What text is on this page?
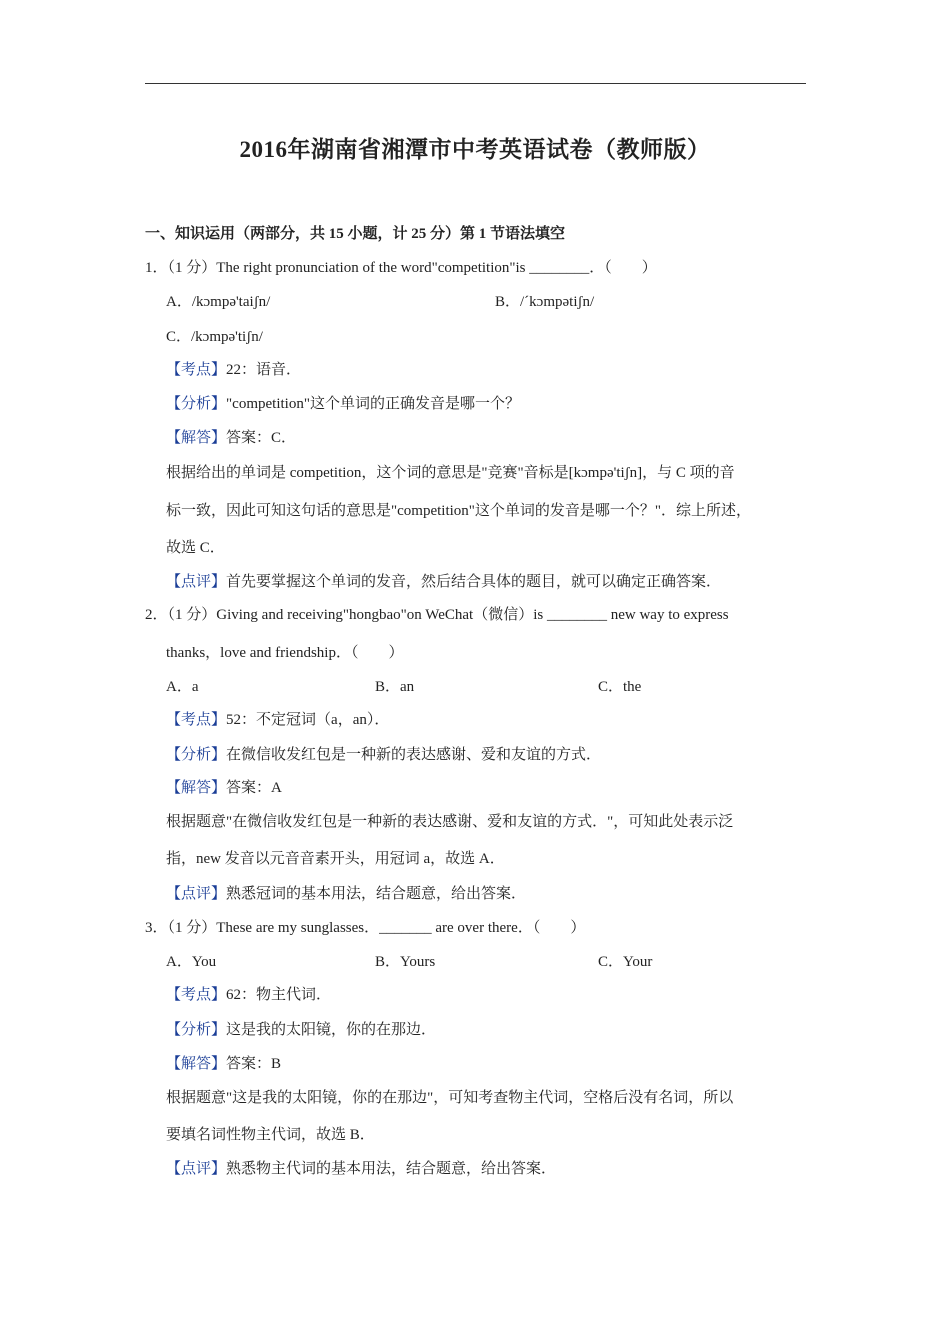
2016年湖南省湘潭市中考英语试卷（教师版）
一、知识运用（两部分，共 15 小题，计 25 分）第 1 节语法填空
1．（1 分）The right pronunciation of the word"competition"is ________．（　　）
A．/kɔmpə'taiʃn/	B．/ˊkɔmpətiʃn/
C．/kɔmpə'tiʃn/
【考点】22：语音．
【分析】"competition"这个单词的正确发音是哪一个？
【解答】答案：C．
根据给出的单词是 competition，这个词的意思是"竞赛"音标是[kɔmpə'tiʃn]，与 C 项的音
标一致，因此可知这句话的意思是"competition"这个单词的发音是哪一个？"．综上所述，
故选 C．
【点评】首先要掌握这个单词的发音，然后结合具体的题目，就可以确定正确答案．
2．（1 分）Giving and receiving"hongbao"on WeChat（微信）is ________ new way to express
thanks，love and friendship．（　　）
A．a	B．an	C．the
【考点】52：不定冠词（a，an）．
【分析】在微信收发红包是一种新的表达感谢、爱和友谊的方式．
【解答】答案：A
根据题意"在微信收发红包是一种新的表达感谢、爱和友谊的方式．"，可知此处表示泛
指，new 发音以元音音素开头，用冠词 a，故选 A．
【点评】熟悉冠词的基本用法，结合题意，给出答案．
3．（1 分）These are my sunglasses．_______ are over there．（　　）
A．You	B．Yours	C．Your
【考点】62：物主代词．
【分析】这是我的太阳镜，你的在那边．
【解答】答案：B
根据题意"这是我的太阳镜，你的在那边"，可知考查物主代词，空格后没有名词，所以
要填名词性物主代词，故选 B．
【点评】熟悉物主代词的基本用法，结合题意，给出答案．
